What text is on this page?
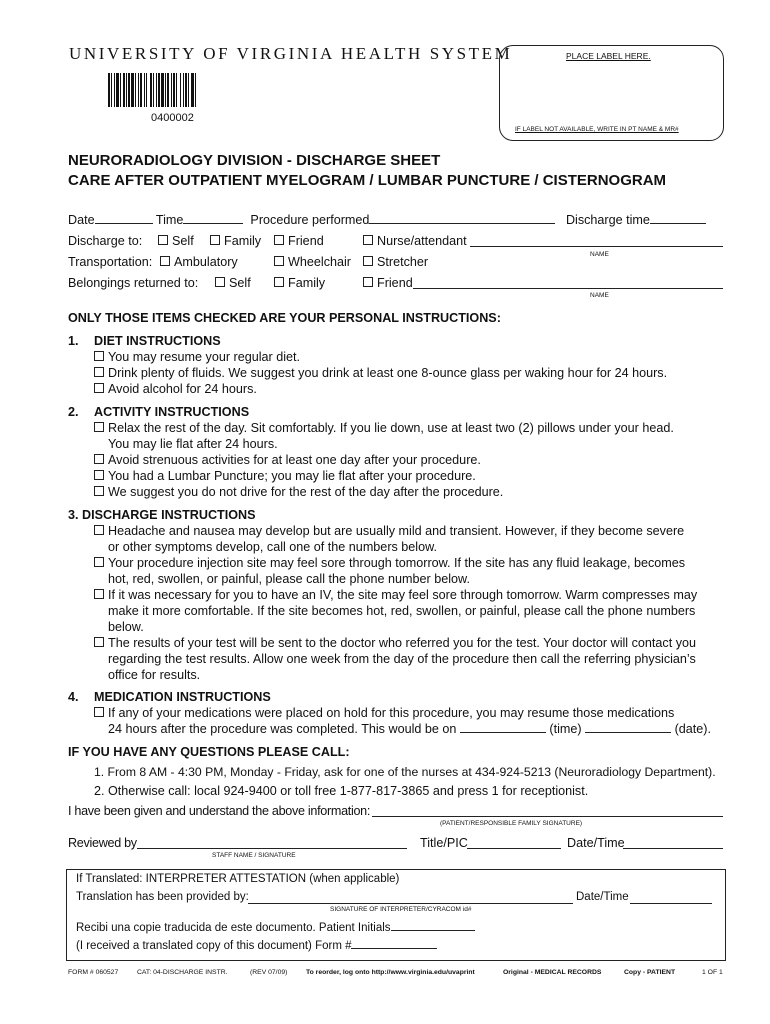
UNIVERSITY OF VIRGINIA HEALTH SYSTEM
0400002
PLACE LABEL HERE.
IF LABEL NOT AVAILABLE, WRITE IN PT NAME & MR#
NEURORADIOLOGY DIVISION - DISCHARGE SHEET
CARE AFTER OUTPATIENT MYELOGRAM / LUMBAR PUNCTURE / CISTERNOGRAM
Date	Time	Procedure performed	Discharge time
Discharge to:	Self	Family	Friend	Nurse/attendant
NAME
Transportation:	Ambulatory	Wheelchair	Stretcher
Belongings returned to:	Self	Family	Friend
NAME
ONLY THOSE ITEMS CHECKED ARE YOUR PERSONAL INSTRUCTIONS:
1. DIET INSTRUCTIONS
You may resume your regular diet.
Drink plenty of fluids. We suggest you drink at least one 8-ounce glass per waking hour for 24 hours.
Avoid alcohol for 24 hours.
2. ACTIVITY INSTRUCTIONS
Relax the rest of the day. Sit comfortably. If you lie down, use at least two (2) pillows under your head.
You may lie flat after 24 hours.
Avoid strenuous activities for at least one day after your procedure.
You had a Lumbar Puncture; you may lie flat after your procedure.
We suggest you do not drive for the rest of the day after the procedure.
3. DISCHARGE INSTRUCTIONS
Headache and nausea may develop but are usually mild and transient. However, if they become severe
or other symptoms develop, call one of the numbers below.
Your procedure injection site may feel sore through tomorrow. If the site has any fluid leakage, becomes
hot, red, swollen, or painful, please call the phone number below.
If it was necessary for you to have an IV, the site may feel sore through tomorrow. Warm compresses may
make it more comfortable. If the site becomes hot, red, swollen, or painful, please call the phone numbers
below.
The results of your test will be sent to the doctor who referred you for the test. Your doctor will contact you
regarding the test results. Allow one week from the day of the procedure then call the referring physician’s
office for results.
4. MEDICATION INSTRUCTIONS
If any of your medications were placed on hold for this procedure, you may resume those medications
24 hours after the procedure was completed. This would be on	(time)	(date).
IF YOU HAVE ANY QUESTIONS PLEASE CALL:
1. From 8 AM - 4:30 PM, Monday - Friday, ask for one of the nurses at 434-924-5213 (Neuroradiology Department).
2. Otherwise call: local 924-9400 or toll free 1-877-817-3865 and press 1 for receptionist.
I have been given and understand the above information:
(PATIENT/RESPONSIBLE FAMILY SIGNATURE)
Reviewed by	Title/PIC	Date/Time
STAFF NAME / SIGNATURE
If Translated: INTERPRETER ATTESTATION (when applicable)
Translation has been provided by:	Date/Time
SIGNATURE OF INTERPRETER/CYRACOM id#
Recibi una copie traducida de este documento. Patient Initials
(I received a translated copy of this document) Form #
FORM # 060527	CAT: 04-DISCHARGE INSTR.	(REV 07/09)	To reorder, log onto http://www.virginia.edu/uvaprint	Original - MEDICAL RECORDS	Copy - PATIENT	1 OF 1
